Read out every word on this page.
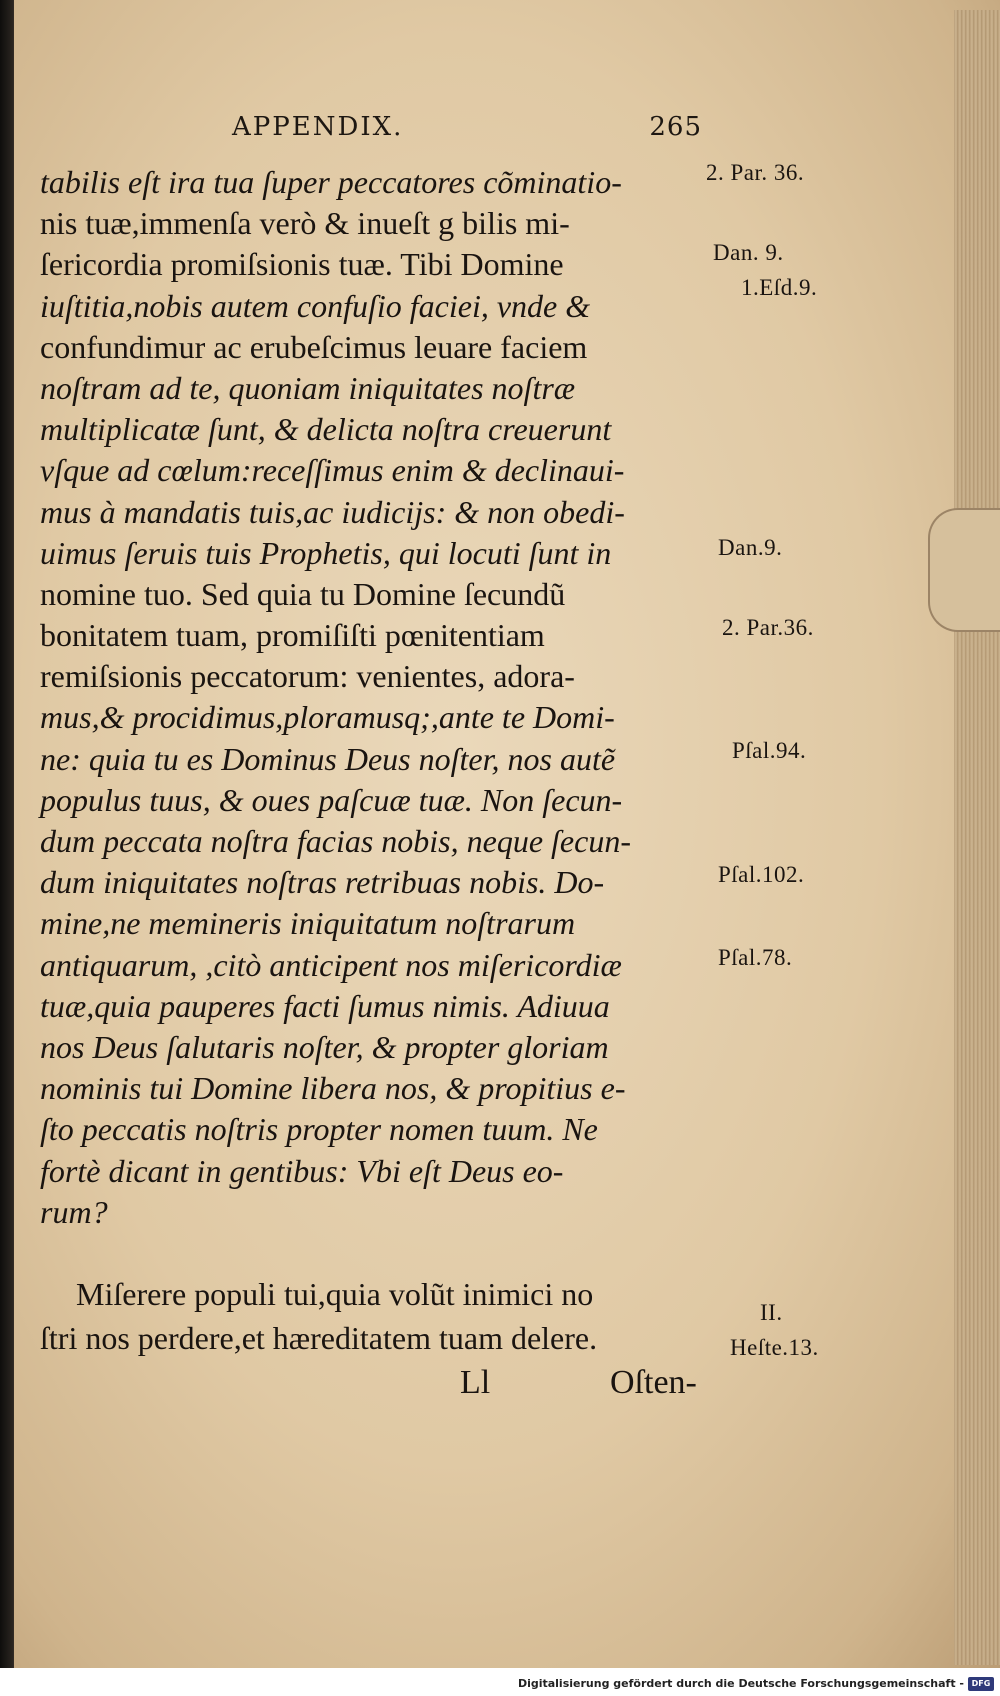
APPENDIX.	265
tabilis eſt ira tua ſuper peccatores cõminatio-
nis tuæ,immenſa verò & inueſt g bilis mi-
ſericordia promiſsionis tuæ. Tibi Domine
iuſtitia,nobis autem confuſio faciei, vnde &
confundimur ac erubeſcimus leuare faciem
noſtram ad te, quoniam iniquitates noſtræ
multiplicatæ ſunt, & delicta noſtra creuerunt
vſque ad cœlum:receſſimus enim & declinaui-
mus à mandatis tuis,ac iudicijs: & non obedi-
uimus ſeruis tuis Prophetis, qui locuti ſunt in
nomine tuo. Sed quia tu Domine ſecundũ
bonitatem tuam, promiſiſti pœnitentiam
remiſsionis peccatorum: venientes, adora-
mus,& procidimus,ploramusq;,ante te Domi-
ne: quia tu es Dominus Deus noſter, nos autẽ
populus tuus, & oues paſcuæ tuæ. Non ſecun-
dum peccata noſtra facias nobis, neque ſecun-
dum iniquitates noſtras retribuas nobis. Do-
mine,ne memineris iniquitatum noſtrarum
antiquarum, ,citò anticipent nos miſericordiæ
tuæ,quia pauperes facti ſumus nimis. Adiuua
nos Deus ſalutaris noſter, & propter gloriam
nominis tui Domine libera nos, & propitius e-
ſto peccatis noſtris propter nomen tuum. Ne
fortè dicant in gentibus: Vbi eſt Deus eo-
rum?
Miſerere populi tui,quia volũt inimici no
ſtri nos perdere,et hæreditatem tuam delere.
Ll	Oſten-
2. Par. 36.
Dan. 9.
1.Eſd.9.
Dan.9.
2. Par.36.
Pſal.94.
Pſal.102.
Pſal.78.
II.
Heſte.13.
Digitalisierung gefördert durch die Deutsche Forschungsgemeinschaft - DFG
